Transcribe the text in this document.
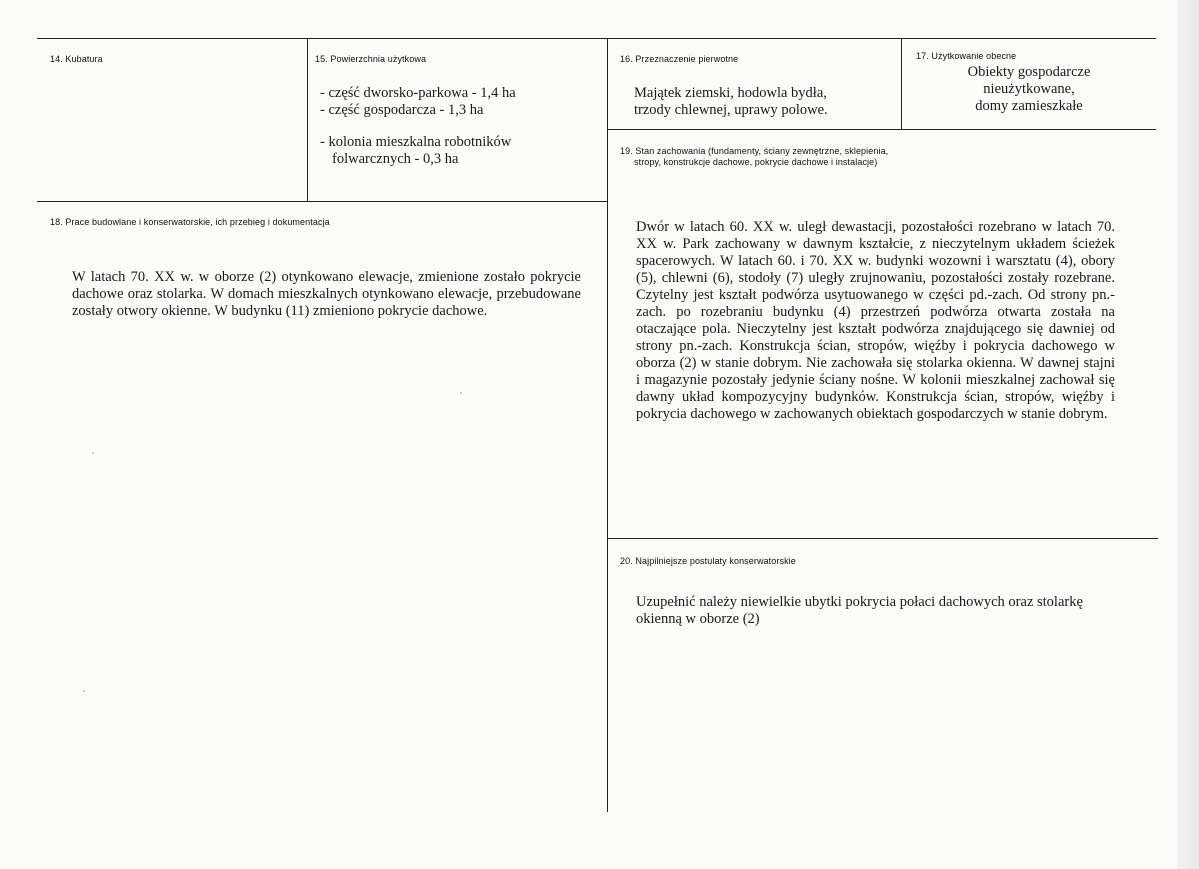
14. Kubatura	15. Powierzchnia użytkowa
- część dworsko-parkowa - 1,4 ha
- część gospodarcza - 1,3 ha
- kolonia mieszkalna robotników
folwarcznych - 0,3 ha
16. Przeznaczenie pierwotne
Majątek ziemski, hodowla bydła,
trzody chlewnej, uprawy polowe.
17. Użytkowanie obecne
Obiekty gospodarcze
nieużytkowane,
domy zamieszkałe
19. Stan zachowania (fundamenty, ściany zewnętrzne, sklepienia,
stropy, konstrukcje dachowe, pokrycie dachowe i instalacje)
Dwór w latach 60. XX w. uległ dewastacji, pozostałości rozebrano w latach 70. XX w. Park zachowany w dawnym kształcie, z nieczytelnym układem ścieżek spacerowych. W latach 60. i 70. XX w. budynki wozowni i warsztatu (4), obory (5), chlewni (6), stodoły (7) uległy zrujnowaniu, pozostałości zostały rozebrane. Czytelny jest kształt podwórza usytuowanego w części pd.-zach. Od strony pn.-zach. po rozebraniu budynku (4) przestrzeń podwórza otwarta została na otaczające pola. Nieczytelny jest kształt podwórza znajdującego się dawniej od strony pn.-zach. Konstrukcja ścian, stropów, więźby i pokrycia dachowego w oborza (2) w stanie dobrym. Nie zachowała się stolarka okienna. W dawnej stajni i magazynie pozostały jedynie ściany nośne. W kolonii mieszkalnej zachował się dawny układ kompozycyjny budynków. Konstrukcja ścian, stropów, więźby i pokrycia dachowego w zachowanych obiektach gospodarczych w stanie dobrym.
18. Prace budowlane i konserwatorskie, ich przebieg i dokumentacja
W latach 70. XX w. w oborze (2) otynkowano elewacje, zmienione zostało pokrycie dachowe oraz stolarka. W domach mieszkalnych otynkowano elewacje, przebudowane zostały otwory okienne. W budynku (11) zmieniono pokrycie dachowe.
20. Najpilniejsze postulaty konserwatorskie
Uzupełnić należy niewielkie ubytki pokrycia połaci dachowych oraz stolarkę okienną w oborze (2)
